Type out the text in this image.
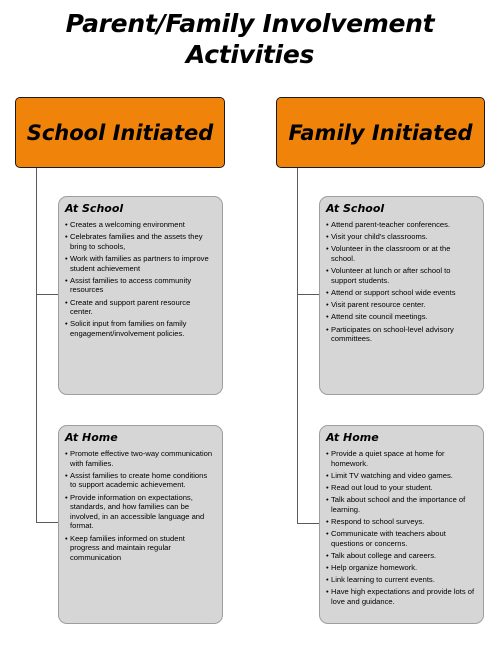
Parent/Family Involvement
Activities
School Initiated	Family Initiated
At School
• Creates a welcoming environment
• Celebrates families and the assets they bring to schools,
• Work with families as partners to improve student achievement
• Assist families to access community resources
• Create and support parent resource center.
• Solicit input from families on family engagement/involvement policies.
At Home
• Promote effective two-way communication with families.
• Assist families to create home conditions to support academic achievement.
• Provide information on expectations, standards, and how families can be involved, in an accessible language and format.
• Keep families informed on student progress and maintain regular communication
At School
• Attend parent-teacher conferences.
• Visit your child's classrooms.
• Volunteer in the classroom or at the school.
• Volunteer at lunch or after school to support students.
• Attend or support school wide events
• Visit parent resource center.
• Attend site council meetings.
• Participates on school-level advisory committees.
At Home
• Provide a quiet space at home for homework.
• Limit TV watching and video games.
• Read out loud to your student.
• Talk about school and the importance of learning.
• Respond to school surveys.
• Communicate with teachers about questions or concerns.
• Talk about college and careers.
• Help organize homework.
• Link learning to current events.
• Have high expectations and provide lots of love and guidance.
